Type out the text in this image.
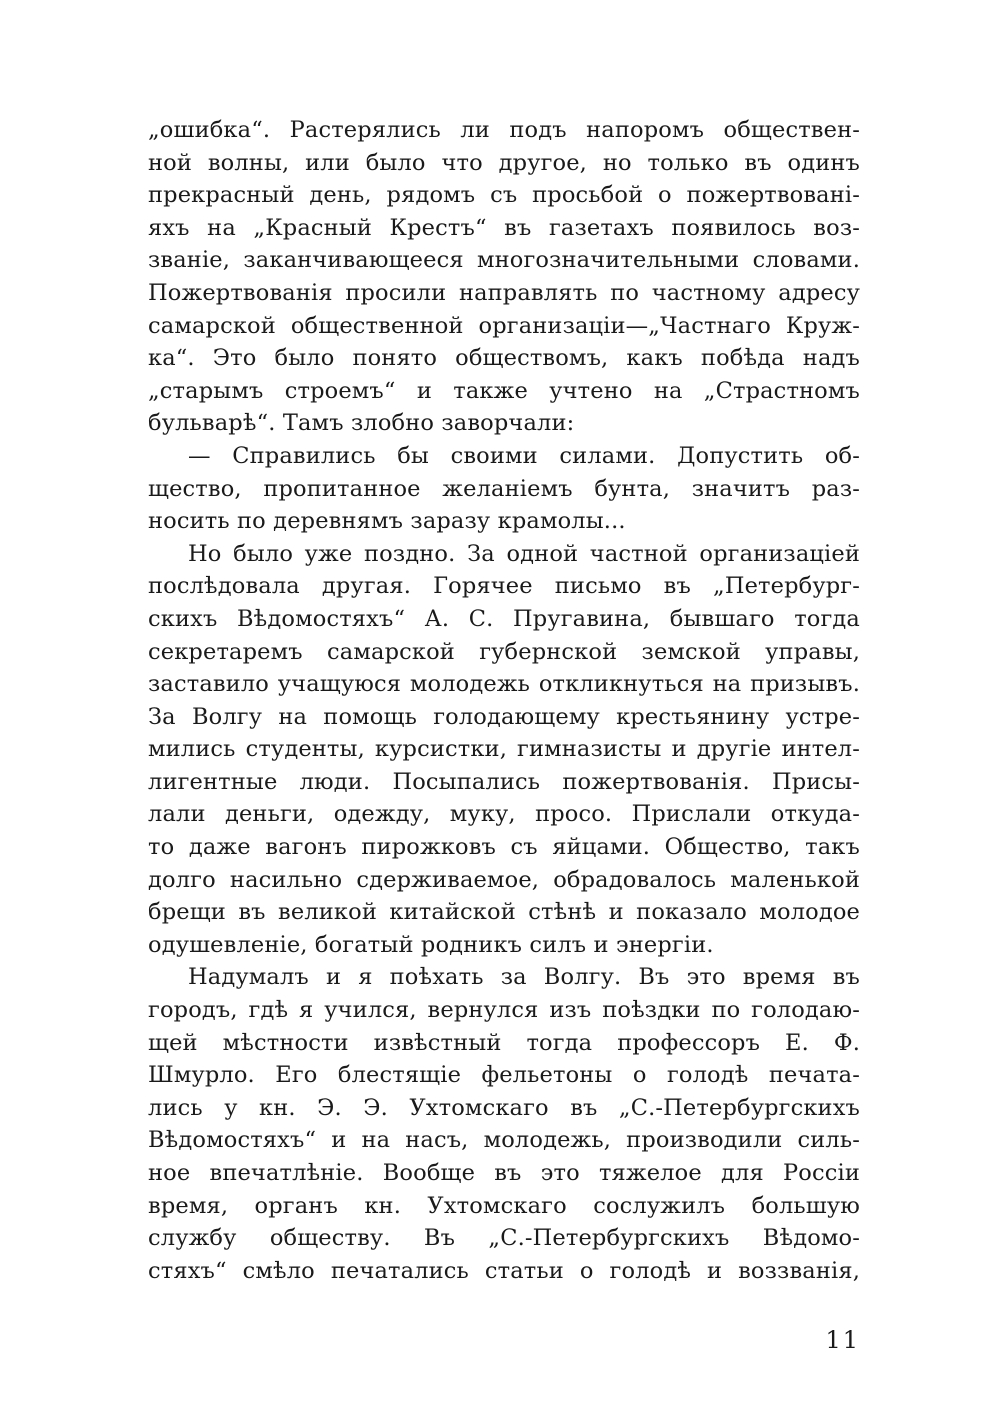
„ошибка“. Растерялись ли подъ напоромъ обществен-
ной волны, или было что другое, но только въ одинъ
прекрасный день, рядомъ съ просьбой о пожертвовані-
яхъ на „Красный Крестъ“ въ газетахъ появилось воз-
званіе, заканчивающееся многозначительными словами.
Пожертвованія просили направлять по частному адресу
самарской общественной организаціи—„Частнаго Круж-
ка“. Это было понято обществомъ, какъ побѣда надъ
„старымъ строемъ“ и также учтено на „Страстномъ
бульварѣ“. Тамъ злобно заворчали:
— Справились бы своими силами. Допустить об-
щество, пропитанное желаніемъ бунта, значитъ раз-
носить по деревнямъ заразу крамолы...
Но было уже поздно. За одной частной организаціей
послѣдовала другая. Горячее письмо въ „Петербург-
скихъ Вѣдомостяхъ“ А. С. Пругавина, бывшаго тогда
секретаремъ самарской губернской земской управы,
заставило учащуюся молодежь откликнуться на призывъ.
За Волгу на помощь голодающему крестьянину устре-
мились студенты, курсистки, гимназисты и другіе интел-
лигентные люди. Посыпались пожертвованія. Присы-
лали деньги, одежду, муку, просо. Прислали откуда-
то даже вагонъ пирожковъ съ яйцами. Общество, такъ
долго насильно сдерживаемое, обрадовалось маленькой
брещи въ великой китайской стѣнѣ и показало молодое
одушевленіе, богатый родникъ силъ и энергіи.
Надумалъ и я поѣхать за Волгу. Въ это время въ
городъ, гдѣ я учился, вернулся изъ поѣздки по голодаю-
щей мѣстности извѣстный тогда профессоръ Е. Ф.
Шмурло. Его блестящіе фельетоны о голодѣ печата-
лись у кн. Э. Э. Ухтомскаго въ „С.-Петербургскихъ
Вѣдомостяхъ“ и на насъ, молодежь, производили силь-
ное впечатлѣніе. Вообще въ это тяжелое для Россіи
время, органъ кн. Ухтомскаго сослужилъ большую
службу обществу. Въ „С.-Петербургскихъ Вѣдомо-
стяхъ“ смѣло печатались статьи о голодѣ и воззванія,
11
